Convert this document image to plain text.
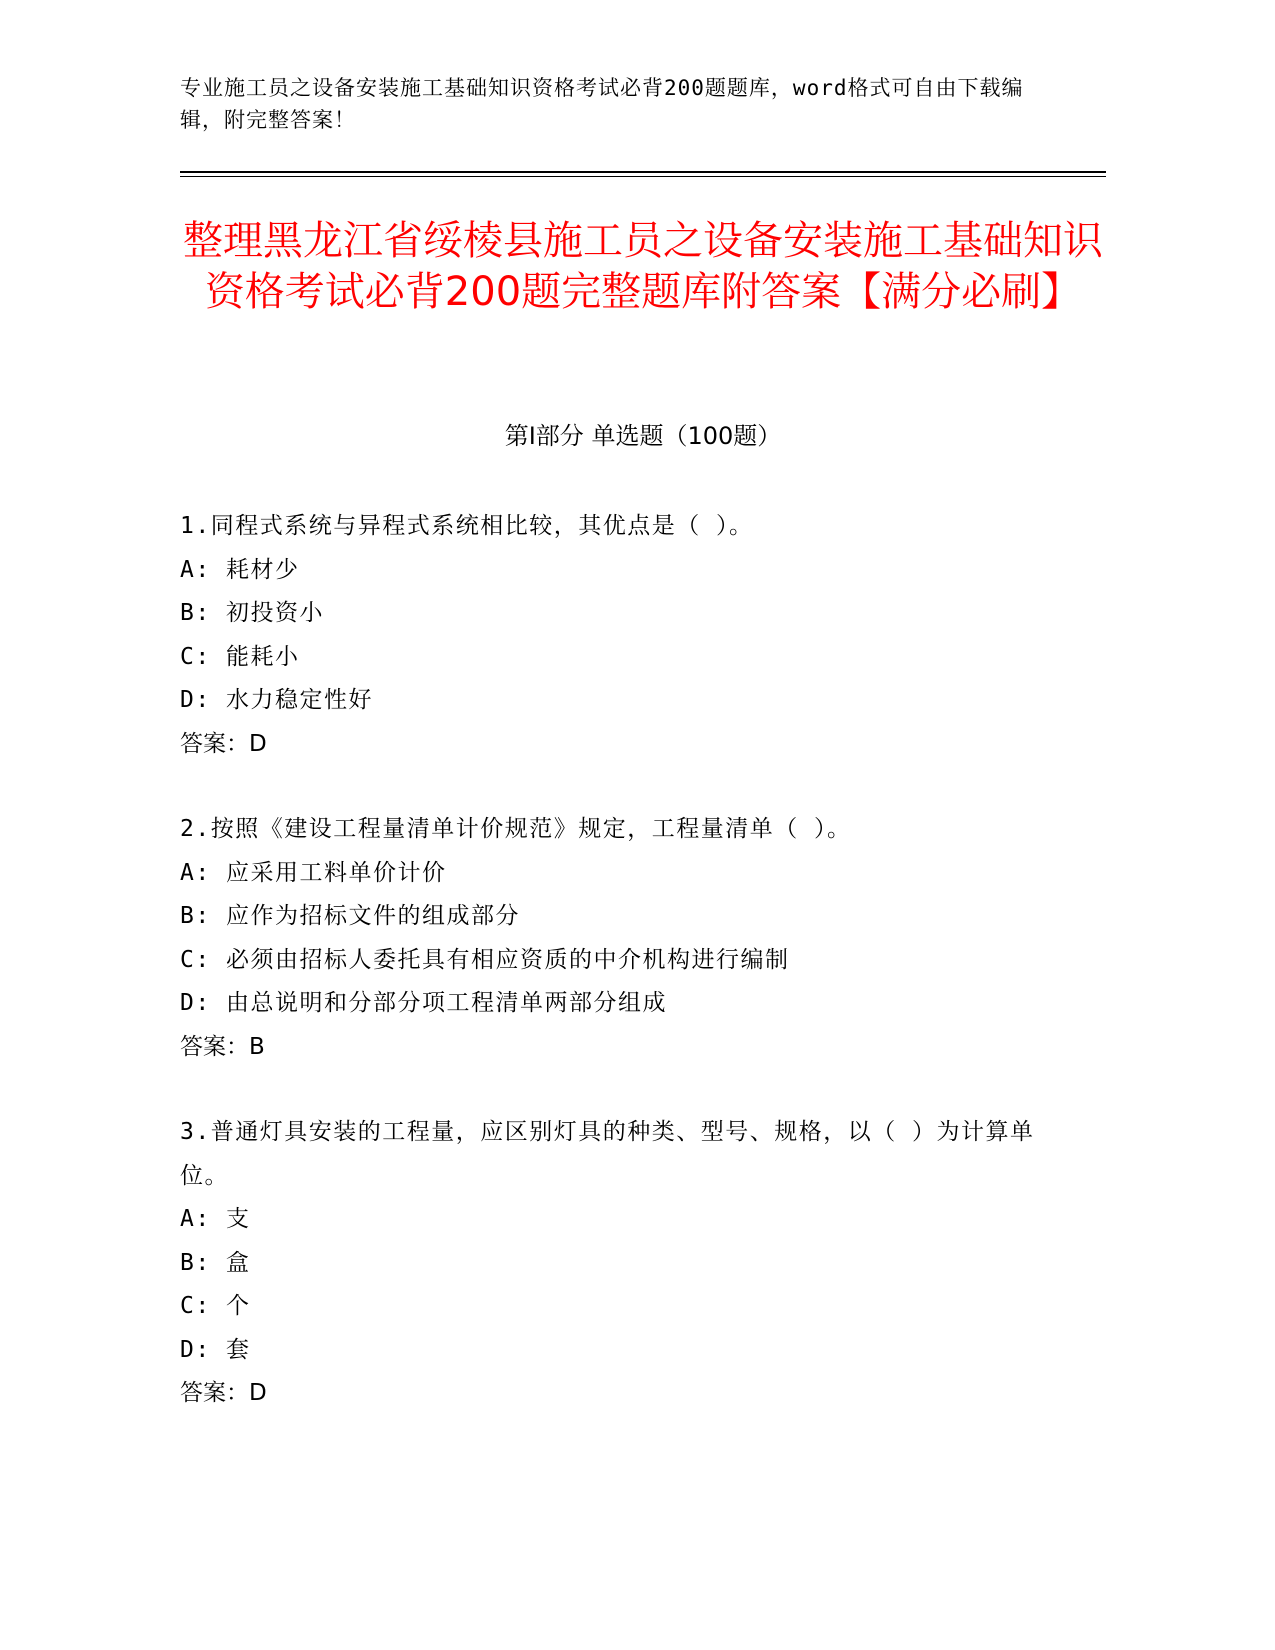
专业施工员之设备安装施工基础知识资格考试必背200题题库，word格式可自由下载编辑，附完整答案！
整理黑龙江省绥棱县施工员之设备安装施工基础知识资格考试必背200题完整题库附答案【满分必刷】
第I部分 单选题（100题）
1.同程式系统与异程式系统相比较，其优点是（ ）。
A: 耗材少
B: 初投资小
C: 能耗小
D: 水力稳定性好
答案：D
2.按照《建设工程量清单计价规范》规定，工程量清单（ ）。
A: 应采用工料单价计价
B: 应作为招标文件的组成部分
C: 必须由招标人委托具有相应资质的中介机构进行编制
D: 由总说明和分部分项工程清单两部分组成
答案：B
3.普通灯具安装的工程量，应区别灯具的种类、型号、规格，以（ ）为计算单位。
A: 支
B: 盒
C: 个
D: 套
答案：D
